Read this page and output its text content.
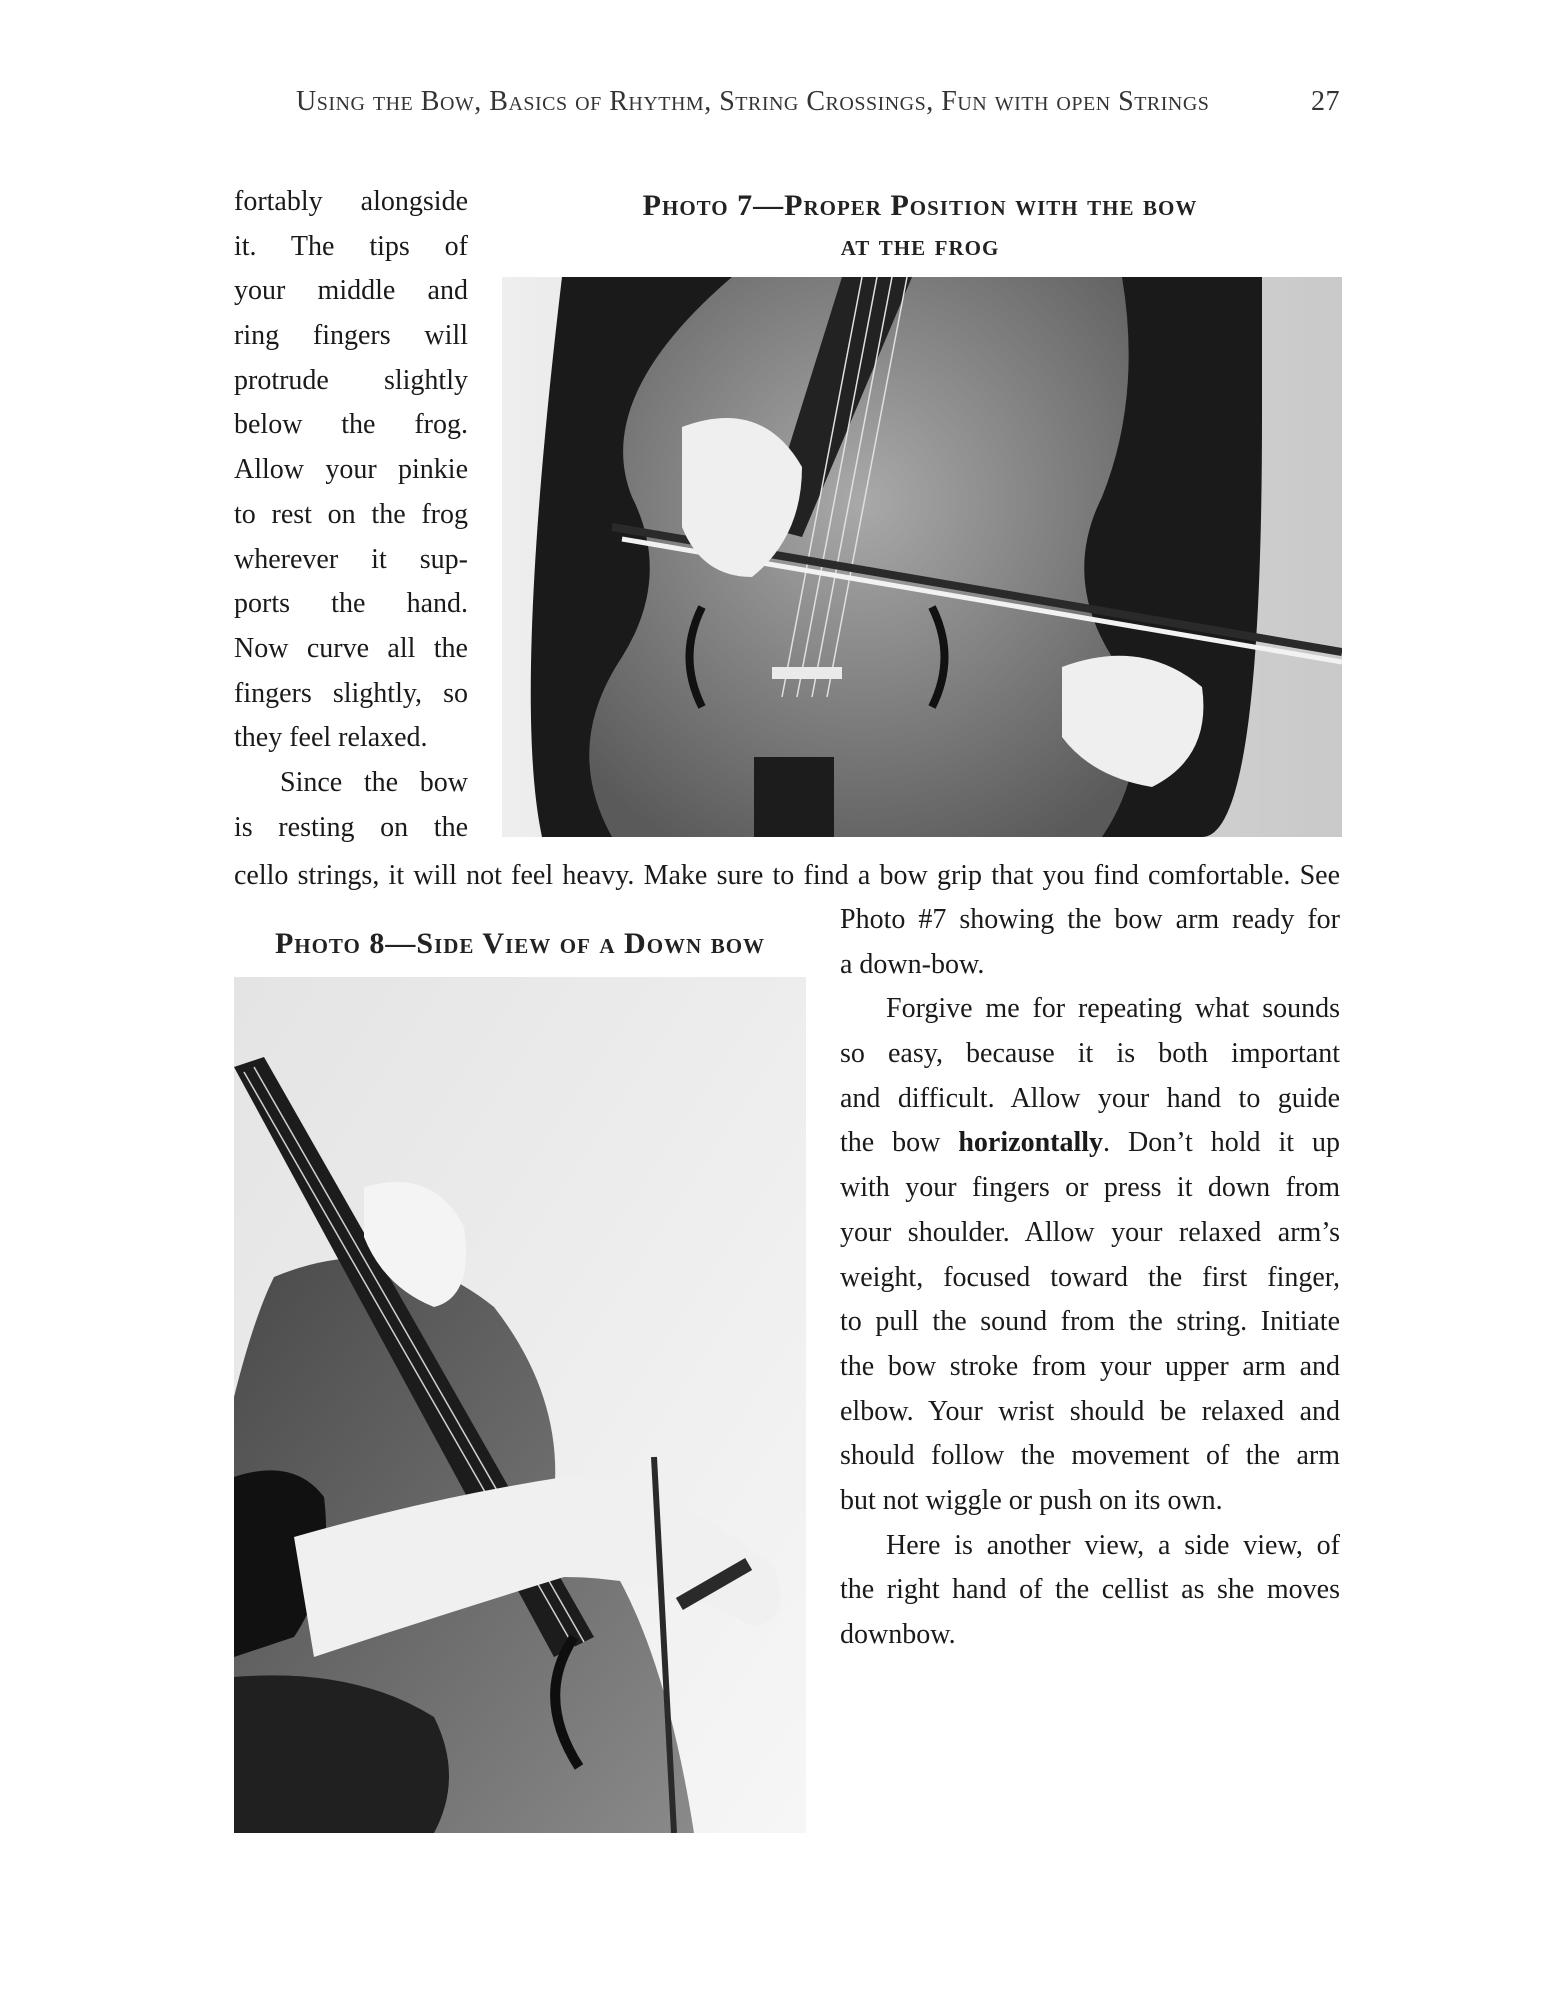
Using the Bow, Basics of Rhythm, String Crossings, Fun with open Strings	27
fortably alongside
it. The tips of
your middle and
ring fingers will
protrude slightly
below the frog.
Allow your pinkie
to rest on the frog
wherever it sup-
ports the hand.
Now curve all the
fingers slightly, so
they feel relaxed.
Since the bow
is resting on the
Photo 7—Proper Position with the bow
at the frog
cello strings, it will not feel heavy. Make sure to find a bow grip that you find comfortable. See
Photo 8—Side View of a Down bow
Photo #7 showing the bow arm ready for
a down-bow.
Forgive me for repeating what sounds
so easy, because it is both important
and difficult. Allow your hand to guide
the bow horizontally. Don’t hold it up
with your fingers or press it down from
your shoulder. Allow your relaxed arm’s
weight, focused toward the first finger,
to pull the sound from the string. Initiate
the bow stroke from your upper arm and
elbow. Your wrist should be relaxed and
should follow the movement of the arm
but not wiggle or push on its own.
Here is another view, a side view, of
the right hand of the cellist as she moves
downbow.
